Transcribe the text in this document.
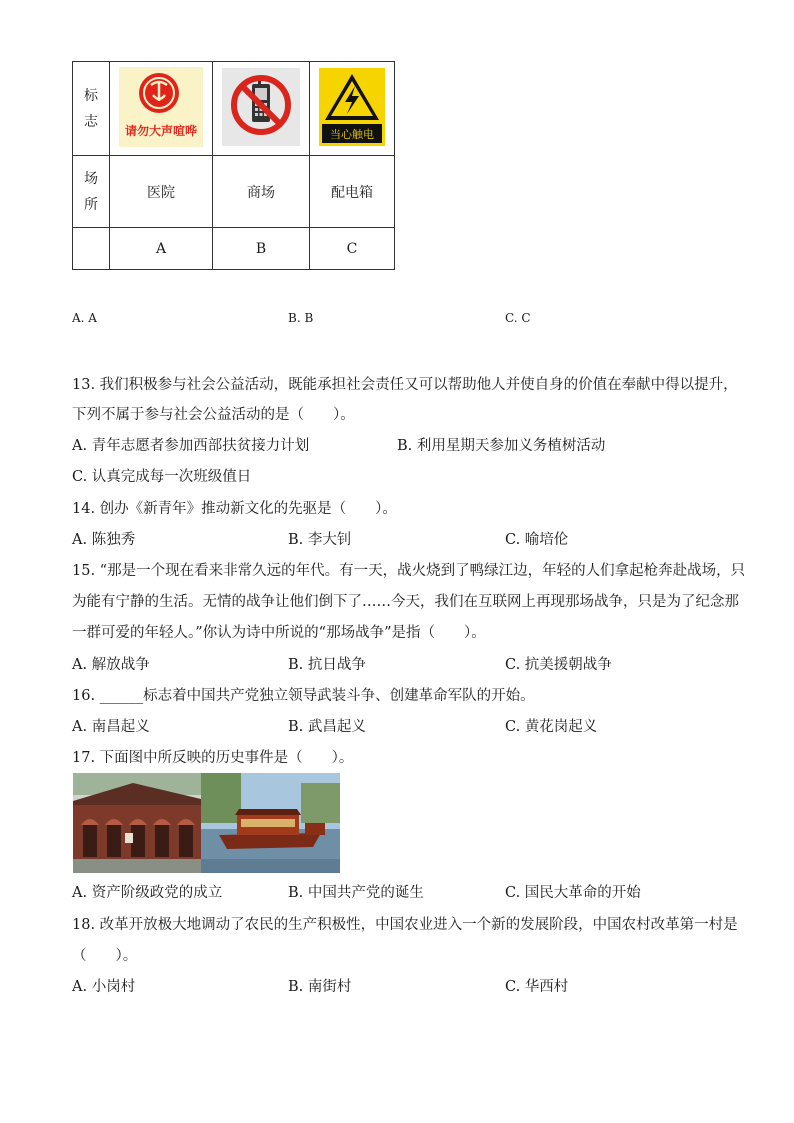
标
志	请勿大声喧哗		当心触电

场
所	医院	商场	配电箱
	A	B	C
A. A	B. B	C. C
13. 我们积极参与社会公益活动，既能承担社会责任又可以帮助他人并使自身的价值在奉献中得以提升，
下列不属于参与社会公益活动的是（　　）。
A. 青年志愿者参加西部扶贫接力计划	B. 利用星期天参加义务植树活动
C. 认真完成每一次班级值日
14. 创办《新青年》推动新文化的先驱是（　　）。
A. 陈独秀	B. 李大钊	C. 喻培伦
15. “那是一个现在看来非常久远的年代。有一天，战火烧到了鸭绿江边，年轻的人们拿起枪奔赴战场，只
为能有宁静的生活。无情的战争让他们倒下了……今天，我们在互联网上再现那场战争，只是为了纪念那
一群可爱的年轻人。”你认为诗中所说的“那场战争”是指（　　）。
A. 解放战争	B. 抗日战争	C. 抗美援朝战争
16. ______标志着中国共产党独立领导武装斗争、创建革命军队的开始。
A. 南昌起义	B. 武昌起义	C. 黄花岗起义
17. 下面图中所反映的历史事件是（　　）。
A. 资产阶级政党的成立	B. 中国共产党的诞生	C. 国民大革命的开始
18. 改革开放极大地调动了农民的生产积极性，中国农业进入一个新的发展阶段，中国农村改革第一村是
（　　）。
A. 小岗村	B. 南街村	C. 华西村
